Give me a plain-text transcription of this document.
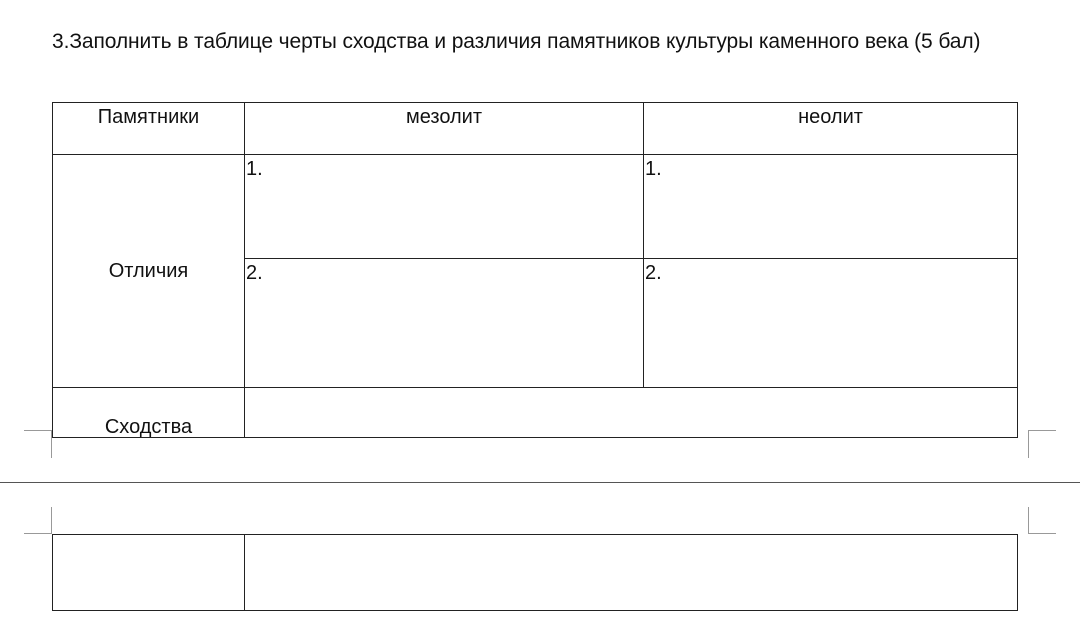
3.Заполнить в таблице черты сходства и различия памятников культуры каменного века (5 бал)
Памятники	мезолит	неолит
Отличия	1.	1.
	2.	2.
Сходства		
